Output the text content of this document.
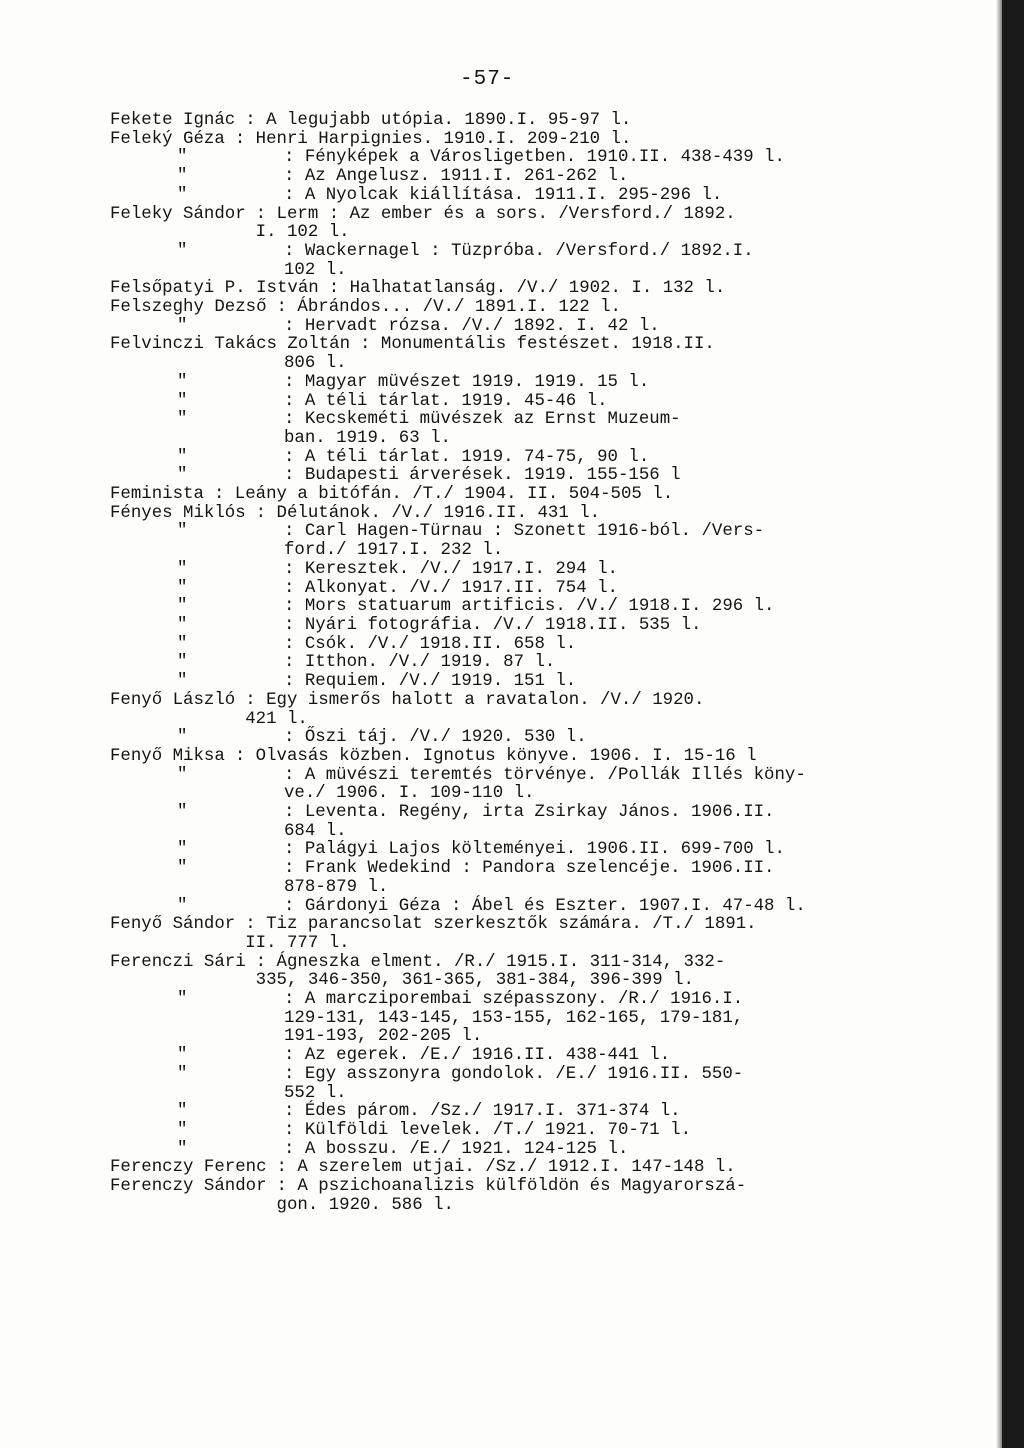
-57-
Fekete Ignác : A legujabb utópia. 1890.I. 95-97 l.
Feleký Géza : Henri Harpignies. 1910.I. 209-210 l.
"	: Fényképek a Városligetben. 1910.II. 438-439 l.
"	: Az Angelusz. 1911.I. 261-262 l.
"	: A Nyolcak kiállítása. 1911.I. 295-296 l.
Feleky Sándor : Lerm : Az ember és a sors. /Versford./ 1892.
I. 102 l.
"	: Wackernagel : Tüzpróba. /Versford./ 1892.I.
102 l.
Felsőpatyi P. István : Halhatatlanság. /V./ 1902. I. 132 l.
Felszeghy Dezső : Ábrándos... /V./ 1891.I. 122 l.
"	: Hervadt rózsa. /V./ 1892. I. 42 l.
Felvinczi Takács Zoltán : Monumentális festészet. 1918.II.
806 l.
"	: Magyar müvészet 1919. 1919. 15 l.
"	: A téli tárlat. 1919. 45-46 l.
"	: Kecskeméti müvészek az Ernst Muzeum-
ban. 1919. 63 l.
"	: A téli tárlat. 1919. 74-75, 90 l.
"	: Budapesti árverések. 1919. 155-156 l
Feminista : Leány a bitófán. /T./ 1904. II. 504-505 l.
Fényes Miklós : Délutánok. /V./ 1916.II. 431 l.
"	: Carl Hagen-Türnau : Szonett 1916-ból. /Vers-
ford./ 1917.I. 232 l.
"	: Keresztek. /V./ 1917.I. 294 l.
"	: Alkonyat. /V./ 1917.II. 754 l.
"	: Mors statuarum artificis. /V./ 1918.I. 296 l.
"	: Nyári fotográfia. /V./ 1918.II. 535 l.
"	: Csók. /V./ 1918.II. 658 l.
"	: Itthon. /V./ 1919. 87 l.
"	: Requiem. /V./ 1919. 151 l.
Fenyő László : Egy ismerős halott a ravatalon. /V./ 1920.
421 l.
"	: Őszi táj. /V./ 1920. 530 l.
Fenyő Miksa : Olvasás közben. Ignotus könyve. 1906. I. 15-16 l
"	: A müvészi teremtés törvénye. /Pollák Illés köny-
ve./ 1906. I. 109-110 l.
"	: Leventa. Regény, irta Zsirkay János. 1906.II.
684 l.
"	: Palágyi Lajos költeményei. 1906.II. 699-700 l.
"	: Frank Wedekind : Pandora szelencéje. 1906.II.
878-879 l.
"	: Gárdonyi Géza : Ábel és Eszter. 1907.I. 47-48 l.
Fenyő Sándor : Tiz parancsolat szerkesztők számára. /T./ 1891.
II. 777 l.
Ferenczi Sári : Ágneszka elment. /R./ 1915.I. 311-314, 332-
335, 346-350, 361-365, 381-384, 396-399 l.
"	: A marcziporembai szépasszony. /R./ 1916.I.
129-131, 143-145, 153-155, 162-165, 179-181,
191-193, 202-205 l.
"	: Az egerek. /E./ 1916.II. 438-441 l.
"	: Egy asszonyra gondolok. /E./ 1916.II. 550-
552 l.
"	: Édes párom. /Sz./ 1917.I. 371-374 l.
"	: Külföldi levelek. /T./ 1921. 70-71 l.
"	: A bosszu. /E./ 1921. 124-125 l.
Ferenczy Ferenc : A szerelem utjai. /Sz./ 1912.I. 147-148 l.
Ferenczy Sándor : A pszichoanalizis külföldön és Magyarorszá-
gon. 1920. 586 l.
